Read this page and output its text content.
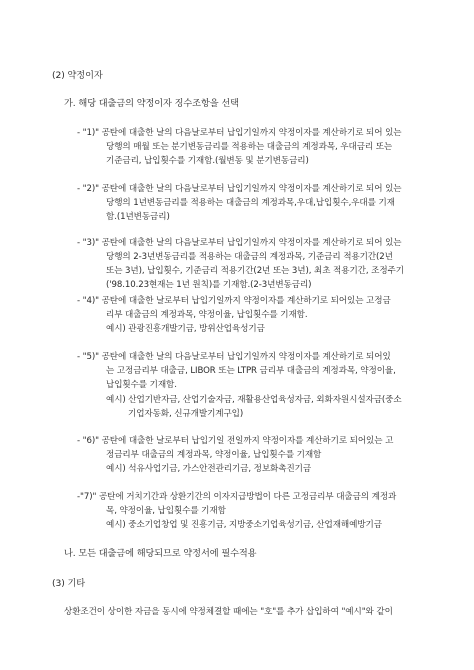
(2) 약정이자
가. 해당 대출금의 약정이자 징수조항을 선택
- "1)" 공탄에 대출한 날의 다음날로부터 납입기일까지 약정이자를 계산하기로 되어 있는
당행의 매월 또는 분기변동금리를 적용하는 대출금의 계정과목, 우대금리 또는
기준금리, 납입횟수를 기재함.(월변동 및 분기변동금리)
- "2)" 공탄에 대출한 날의 다음날로부터 납입기일까지 약정이자를 계산하기로 되어 있는
당행의 1년변동금리를 적용하는 대출금의 계정과목,우대,납입횟수,우대를 기재
함.(1년변동금리)
- "3)" 공탄에 대출한 날의 다음날로부터 납입기일까지 약정이자를 계산하기로 되어 있는
당행의 2-3년변동금리를 적용하는 대출금의 계정과목, 기준금리 적용기간(2년
또는 3년), 납입횟수, 기준금리 적용기간(2년 또는 3년), 최초 적용기간, 조정주기
('98.10.23현재는 1년 원칙)를 기재함.(2-3년변동금리)
- "4)" 공탄에 대출한 날로부터 납입기일까지 약정이자를 계산하기로 되어있는 고정금
리부 대출금의 계정과목, 약정이율, 납입횟수를 기재함.
예시) 관광진흥개발기금, 방위산업육성기금
- "5)" 공탄에 대출한 날의 다음날로부터 납입기일까지 약정이자를 계산하기로 되어있
는 고정금리부 대출금, LIBOR 또는 LTPR 금리부 대출금의 계정과목, 약정이율,
납입횟수를 기재함.
예시) 산업기반자금, 산업기술자금, 재활용산업육성자금, 외화자원시설자금(중소
기업자동화, 신규개발기계구입)
- "6)" 공탄에 대출한 날로부터 납입기일 전일까지 약정이자를 계산하기로 되어있는 고
정금리부 대출금의 계정과목, 약정이율, 납입횟수를 기재함
예시) 석유사업기금, 가스안전관리기금, 정보화촉진기금
-"7)" 공탄에 거치기간과 상환기간의 이자지급방법이 다른 고정금리부 대출금의 계정과
목, 약정이율, 납입횟수를 기재함
예시) 중소기업창업 및 진흥기금, 지방중소기업육성기금, 산업재해예방기금
나. 모든 대출금에 해당되므로 약정서에 필수적용
(3) 기타
상환조건이 상이한 자금을 동시에 약정체결할 때에는 "호"를 추가 삽입하여 "예시"와 같이
